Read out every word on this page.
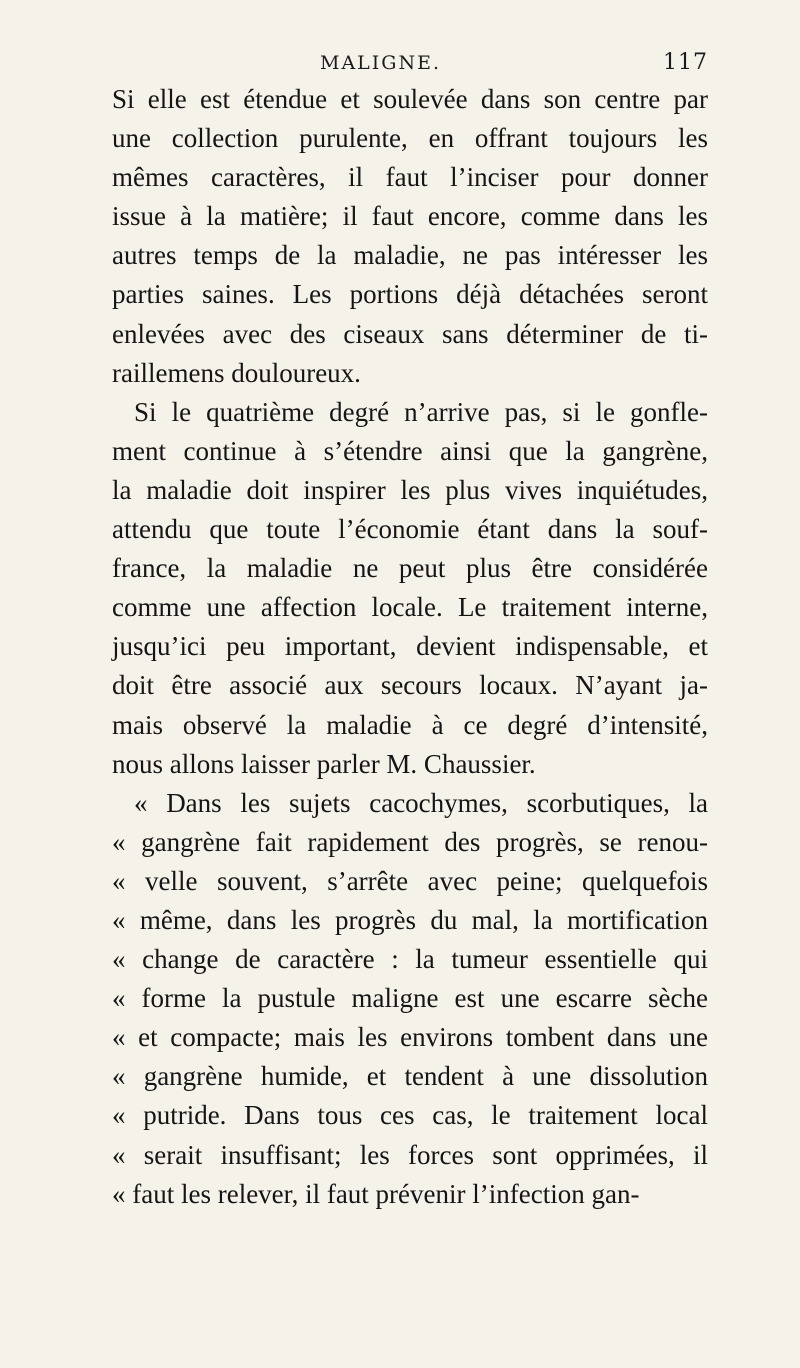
MALIGNE.	117
Si elle est étendue et soulevée dans son centre par
une collection purulente, en offrant toujours les
mêmes caractères, il faut l’inciser pour donner
issue à la matière; il faut encore, comme dans les
autres temps de la maladie, ne pas intéresser les
parties saines. Les portions déjà détachées seront
enlevées avec des ciseaux sans déterminer de ti-
raillemens douloureux.
Si le quatrième degré n’arrive pas, si le gonfle-
ment continue à s’étendre ainsi que la gangrène,
la maladie doit inspirer les plus vives inquiétudes,
attendu que toute l’économie étant dans la souf-
france, la maladie ne peut plus être considérée
comme une affection locale. Le traitement interne,
jusqu’ici peu important, devient indispensable, et
doit être associé aux secours locaux. N’ayant ja-
mais observé la maladie à ce degré d’intensité,
nous allons laisser parler M. Chaussier.
« Dans les sujets cacochymes, scorbutiques, la
« gangrène fait rapidement des progrès, se renou-
« velle souvent, s’arrête avec peine; quelquefois
« même, dans les progrès du mal, la mortification
« change de caractère : la tumeur essentielle qui
« forme la pustule maligne est une escarre sèche
« et compacte; mais les environs tombent dans une
« gangrène humide, et tendent à une dissolution
« putride. Dans tous ces cas, le traitement local
« serait insuffisant; les forces sont opprimées, il
« faut les relever, il faut prévenir l’infection gan-
